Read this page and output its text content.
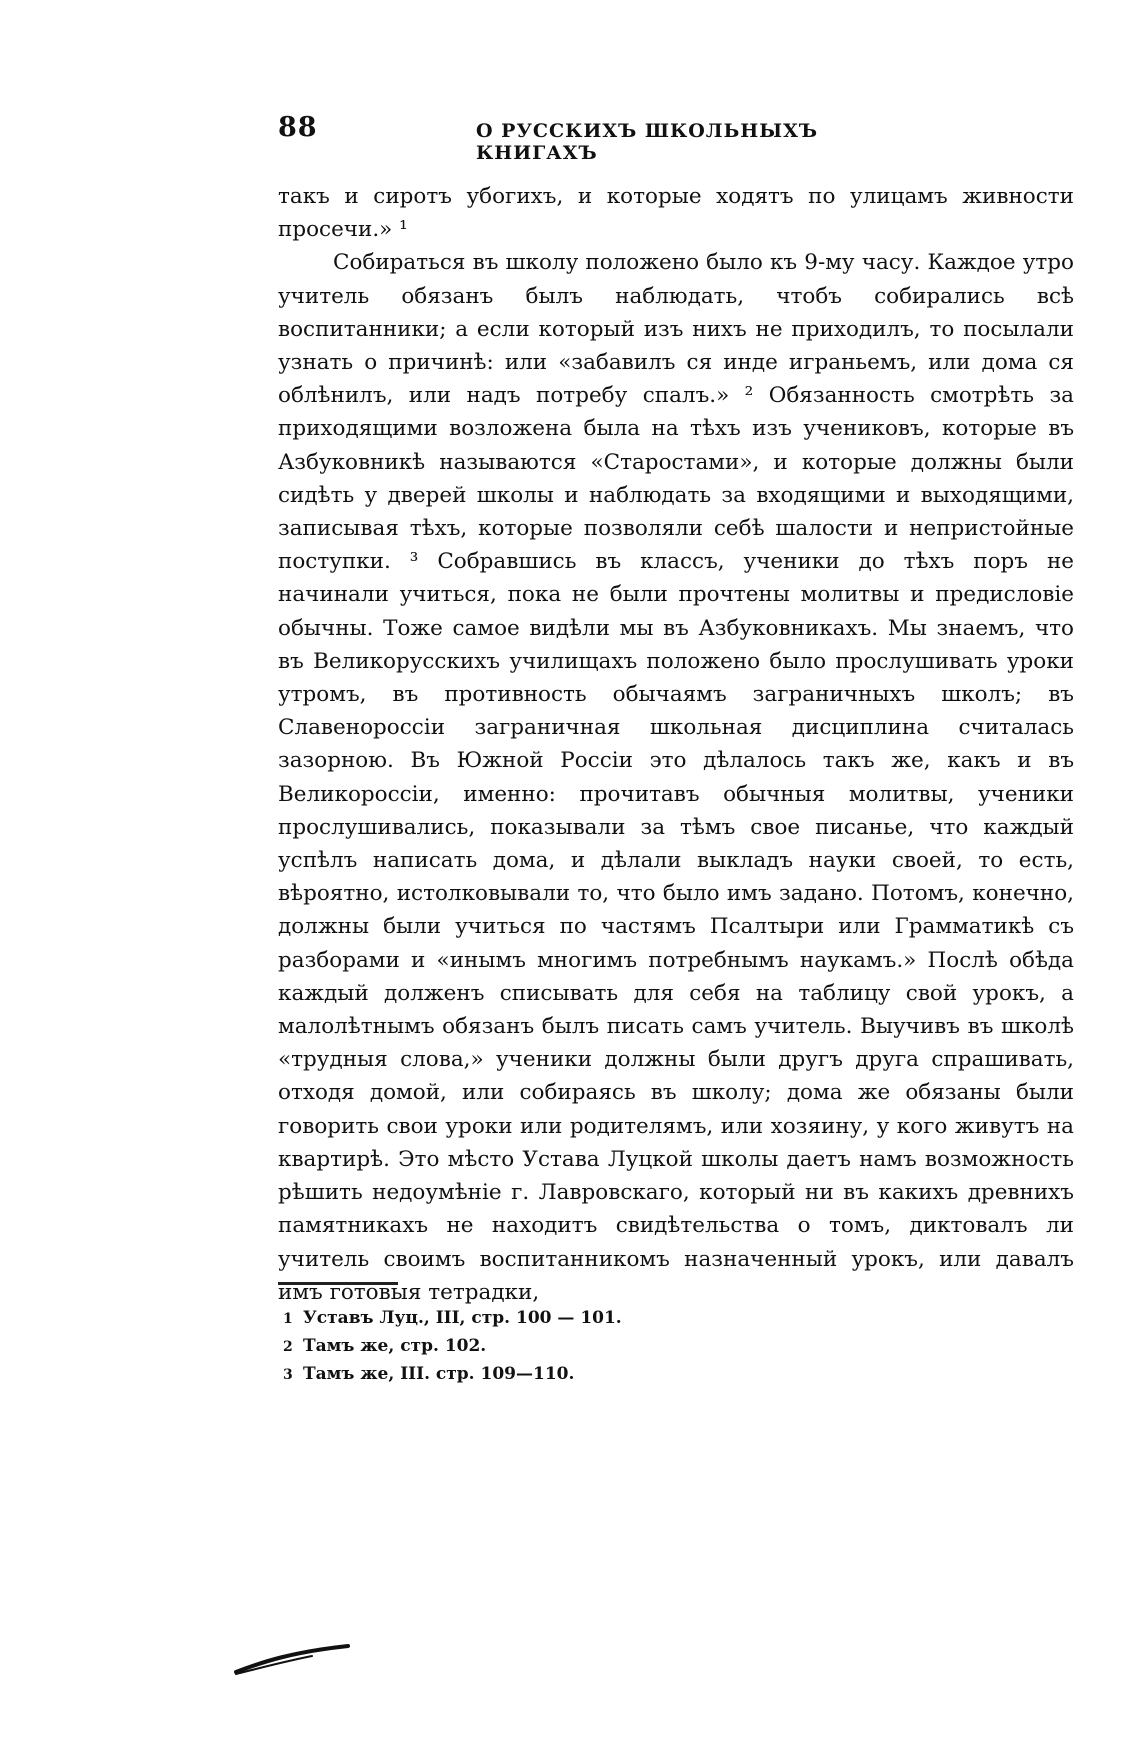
88	О РУССКИХЪ ШКОЛЬНЫХЪ КНИГАХЪ

такъ и сиротъ убогихъ, и которые ходятъ по улицамъ живности просечи.» ¹

Собираться въ школу положено было къ 9-му часу. Каждое утро учитель обязанъ былъ наблюдать, чтобъ собирались всѣ воспитанники; а если который изъ нихъ не приходилъ, то посылали узнать о причинѣ: или «забавилъ ся инде играньемъ, или дома ся облѣнилъ, или надъ потребу спалъ.» ² Обязанность смотрѣть за приходящими возложена была на тѣхъ изъ учениковъ, которые въ Азбуковникѣ называются «Старостами», и которые должны были сидѣть у дверей школы и наблюдать за входящими и выходящими, записывая тѣхъ, которые позволяли себѣ шалости и непристойные поступки. ³ Собравшись въ классъ, ученики до тѣхъ поръ не начинали учиться, пока не были прочтены молитвы и предисловіе обычны. Тоже самое видѣли мы въ Азбуковникахъ. Мы знаемъ, что въ Великорусскихъ училищахъ положено было прослушивать уроки утромъ, въ противность обычаямъ заграничныхъ школъ; въ Славенороссіи заграничная школьная дисциплина считалась зазорною. Въ Южной Россіи это дѣлалось такъ же, какъ и въ Великороссіи, именно: прочитавъ обычныя молитвы, ученики прослушивались, показывали за тѣмъ свое писанье, что каждый успѣлъ написать дома, и дѣлали выкладъ науки своей, то есть, вѣроятно, истолковывали то, что было имъ задано. Потомъ, конечно, должны были учиться по частямъ Псалтыри или Грамматикѣ съ разборами и «инымъ многимъ потребнымъ наукамъ.» Послѣ обѣда каждый долженъ списывать для себя на таблицу свой урокъ, а малолѣтнымъ обязанъ былъ писать самъ учитель. Выучивъ въ школѣ «трудныя слова,» ученики должны были другъ друга спрашивать, отходя домой, или собираясь въ школу; дома же обязаны были говорить свои уроки или родителямъ, или хозяину, у кого живутъ на квартирѣ. Это мѣсто Устава Луцкой школы даетъ намъ возможность рѣшить недоумѣніе г. Лавровскаго, который ни въ какихъ древнихъ памятникахъ не находитъ свидѣтельства о томъ, диктовалъ ли учитель своимъ воспитанникомъ назначенный урокъ, или давалъ имъ готовыя тетрадки,

1 Уставъ Луц., III, стр. 100 — 101.
2 Тамъ же, стр. 102.
3 Тамъ же, III. стр. 109—110.
